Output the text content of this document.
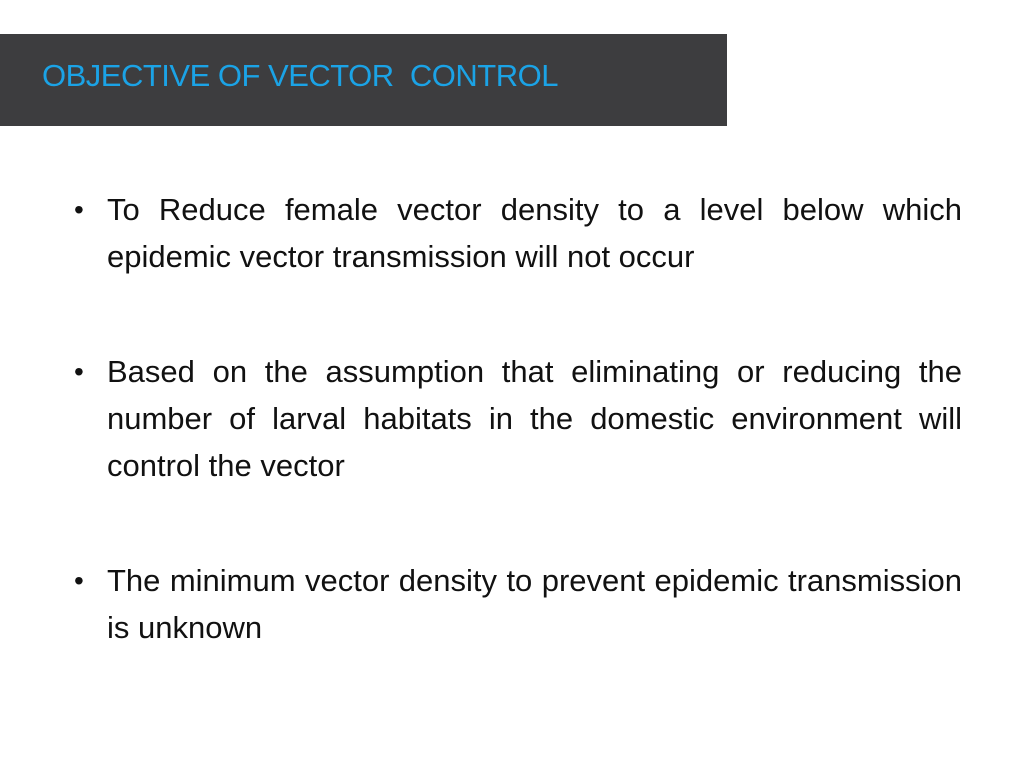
OBJECTIVE OF VECTOR  CONTROL
• To Reduce female vector density to a level below which epidemic vector transmission will not occur
• Based on the assumption that eliminating or reducing the number of larval habitats in the domestic environment will control the vector
• The minimum vector density to prevent epidemic transmission is unknown
